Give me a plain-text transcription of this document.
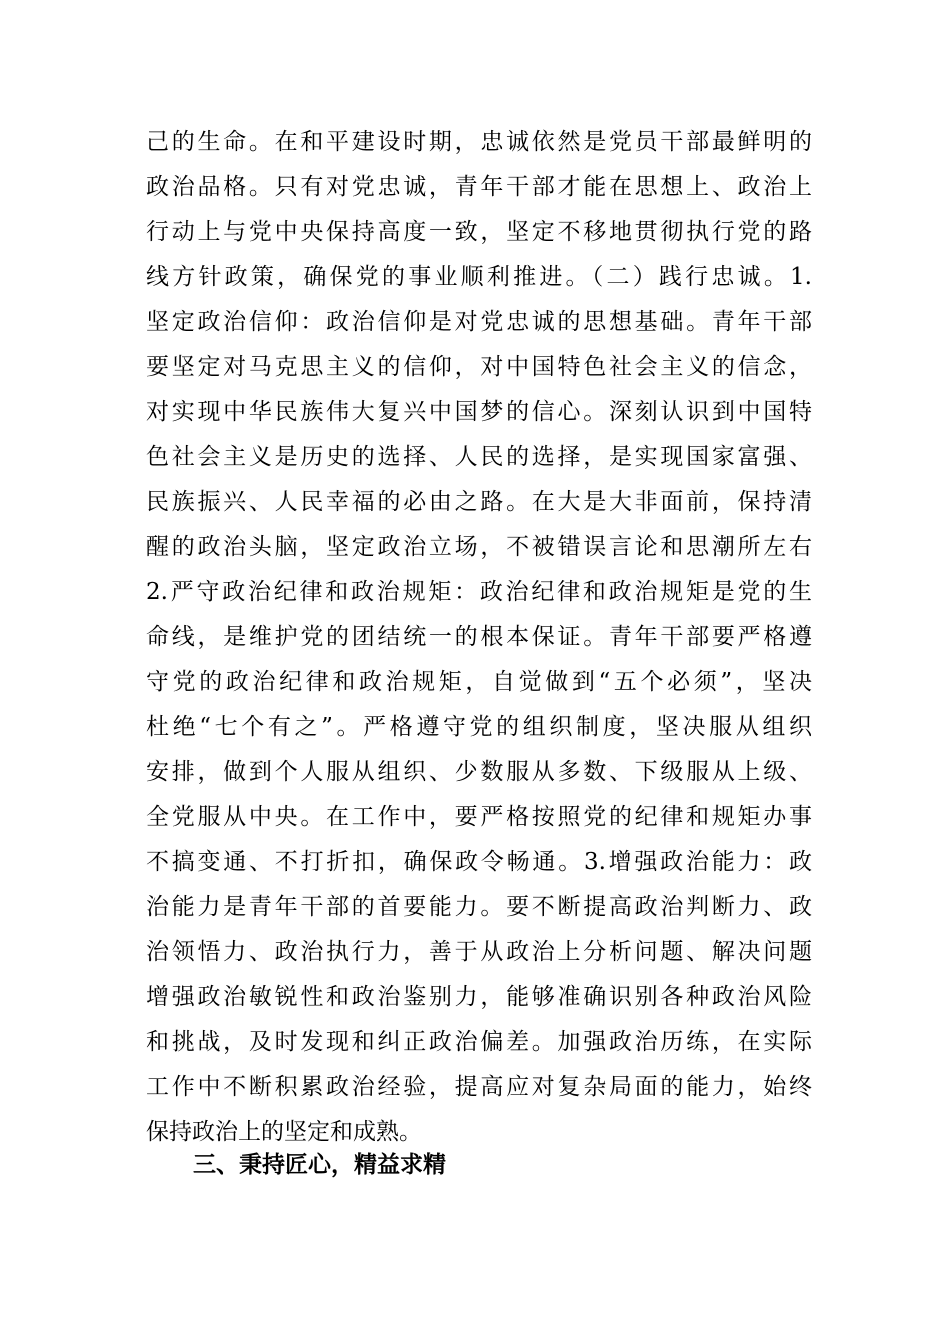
己的生命。在和平建设时期，忠诚依然是党员干部最鲜明的
政治品格。只有对党忠诚，青年干部才能在思想上、政治上
行动上与党中央保持高度一致，坚定不移地贯彻执行党的路
线方针政策，确保党的事业顺利推进。（二）践行忠诚。1.
坚定政治信仰：政治信仰是对党忠诚的思想基础。青年干部
要坚定对马克思主义的信仰，对中国特色社会主义的信念，
对实现中华民族伟大复兴中国梦的信心。深刻认识到中国特
色社会主义是历史的选择、人民的选择，是实现国家富强、
民族振兴、人民幸福的必由之路。在大是大非面前，保持清
醒的政治头脑，坚定政治立场，不被错误言论和思潮所左右
2.严守政治纪律和政治规矩：政治纪律和政治规矩是党的生
命线，是维护党的团结统一的根本保证。青年干部要严格遵
守党的政治纪律和政治规矩，自觉做到“五个必须”，坚决
杜绝“七个有之”。严格遵守党的组织制度，坚决服从组织
安排，做到个人服从组织、少数服从多数、下级服从上级、
全党服从中央。在工作中，要严格按照党的纪律和规矩办事
不搞变通、不打折扣，确保政令畅通。3.增强政治能力：政
治能力是青年干部的首要能力。要不断提高政治判断力、政
治领悟力、政治执行力，善于从政治上分析问题、解决问题
增强政治敏锐性和政治鉴别力，能够准确识别各种政治风险
和挑战，及时发现和纠正政治偏差。加强政治历练，在实际
工作中不断积累政治经验，提高应对复杂局面的能力，始终
保持政治上的坚定和成熟。
三、秉持匠心，精益求精
